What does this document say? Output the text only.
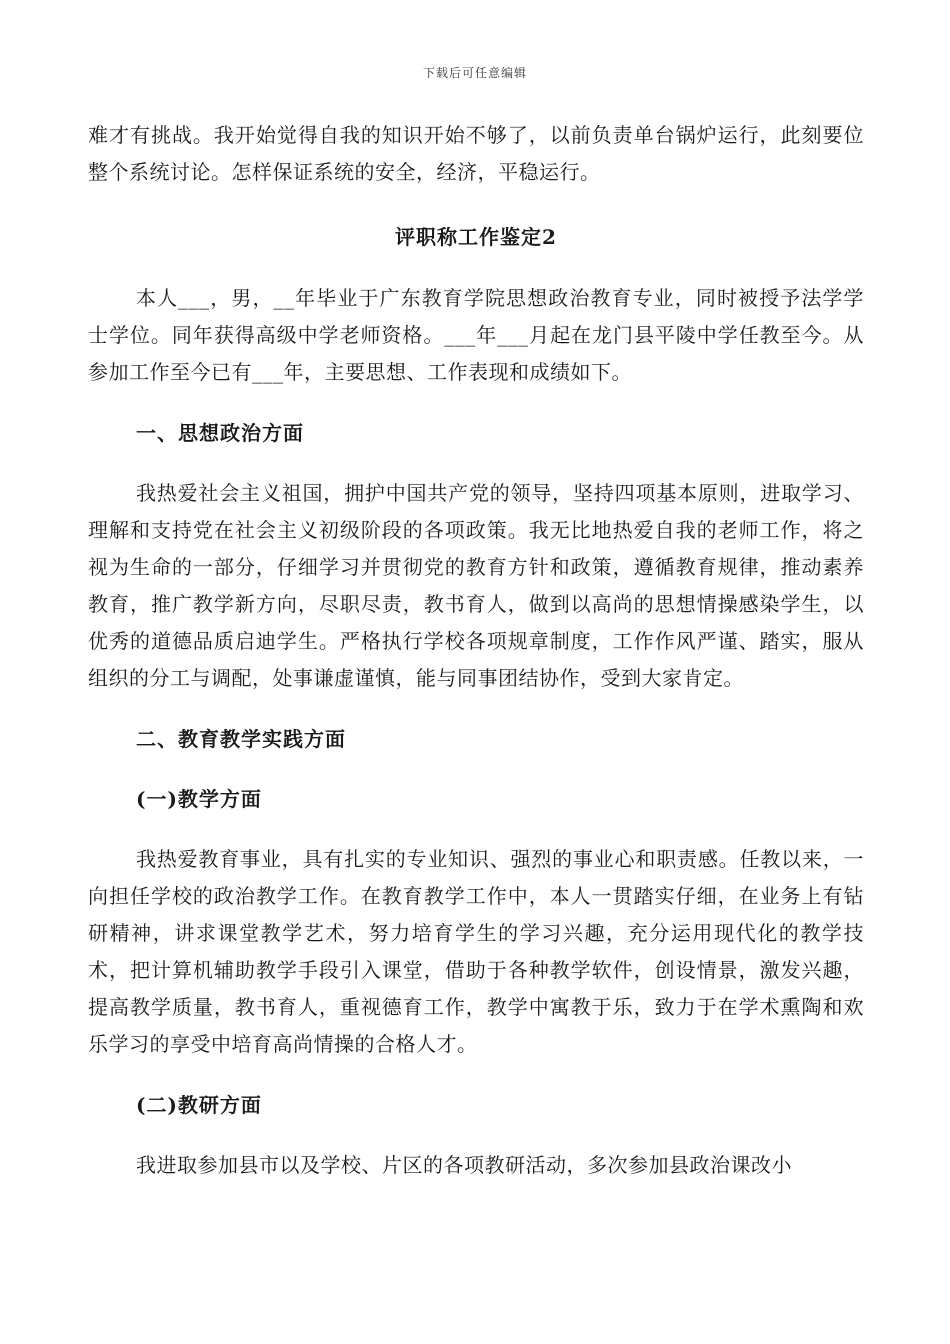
下载后可任意编辑

难才有挑战。我开始觉得自我的知识开始不够了，以前负责单台锅炉运行，此刻要位整个系统讨论。怎样保证系统的安全，经济，平稳运行。

评职称工作鉴定2

本人___，男，__年毕业于广东教育学院思想政治教育专业，同时被授予法学学士学位。同年获得高级中学老师资格。___年___月起在龙门县平陵中学任教至今。从参加工作至今已有___年，主要思想、工作表现和成绩如下。

一、思想政治方面

我热爱社会主义祖国，拥护中国共产党的领导，坚持四项基本原则，进取学习、理解和支持党在社会主义初级阶段的各项政策。我无比地热爱自我的老师工作，将之视为生命的一部分，仔细学习并贯彻党的教育方针和政策，遵循教育规律，推动素养教育，推广教学新方向，尽职尽责，教书育人，做到以高尚的思想情操感染学生，以优秀的道德品质启迪学生。严格执行学校各项规章制度，工作作风严谨、踏实，服从组织的分工与调配，处事谦虚谨慎，能与同事团结协作，受到大家肯定。

二、教育教学实践方面

(一)教学方面

我热爱教育事业，具有扎实的专业知识、强烈的事业心和职责感。任教以来，一向担任学校的政治教学工作。在教育教学工作中，本人一贯踏实仔细，在业务上有钻研精神，讲求课堂教学艺术，努力培育学生的学习兴趣，充分运用现代化的教学技术，把计算机辅助教学手段引入课堂，借助于各种教学软件，创设情景，激发兴趣，提高教学质量，教书育人，重视德育工作，教学中寓教于乐，致力于在学术熏陶和欢乐学习的享受中培育高尚情操的合格人才。

(二)教研方面

我进取参加县市以及学校、片区的各项教研活动，多次参加县政治课改小
